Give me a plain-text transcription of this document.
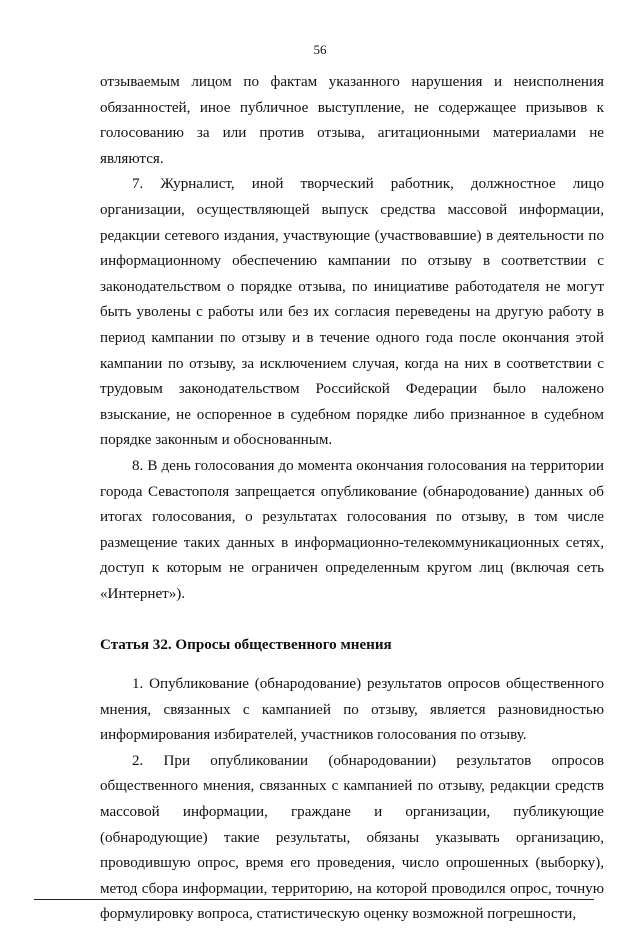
56

отзываемым лицом по фактам указанного нарушения и неисполнения обязанностей, иное публичное выступление, не содержащее призывов к голосованию за или против отзыва, агитационными материалами не являются.

7. Журналист, иной творческий работник, должностное лицо организации, осуществляющей выпуск средства массовой информации, редакции сетевого издания, участвующие (участвовавшие) в деятельности по информационному обеспечению кампании по отзыву в соответствии с законодательством о порядке отзыва, по инициативе работодателя не могут быть уволены с работы или без их согласия переведены на другую работу в период кампании по отзыву и в течение одного года после окончания этой кампании по отзыву, за исключением случая, когда на них в соответствии с трудовым законодательством Российской Федерации было наложено взыскание, не оспоренное в судебном порядке либо признанное в судебном порядке законным и обоснованным.

8. В день голосования до момента окончания голосования на территории города Севастополя запрещается опубликование (обнародование) данных об итогах голосования, о результатах голосования по отзыву, в том числе размещение таких данных в информационно-телекоммуникационных сетях, доступ к которым не ограничен определенным кругом лиц (включая сеть «Интернет»).

Статья 32. Опросы общественного мнения

1. Опубликование (обнародование) результатов опросов общественного мнения, связанных с кампанией по отзыву, является разновидностью информирования избирателей, участников голосования по отзыву.

2. При опубликовании (обнародовании) результатов опросов общественного мнения, связанных с кампанией по отзыву, редакции средств массовой информации, граждане и организации, публикующие (обнародующие) такие результаты, обязаны указывать организацию, проводившую опрос, время его проведения, число опрошенных (выборку), метод сбора информации, территорию, на которой проводился опрос, точную формулировку вопроса, статистическую оценку возможной погрешности,
